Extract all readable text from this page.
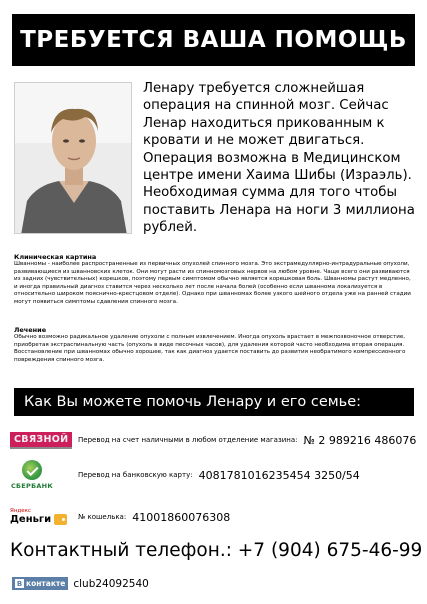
ТРЕБУЕТСЯ ВАША ПОМОЩЬ
Ленару требуется сложнейшая операция на спинной мозг. Сейчас Ленар находиться прикованным к кровати и не может двигаться. Операция возможна в Медицинском центре имени Хаима Шибы (Израэль). Необходимая сумма для того чтобы поставить Ленара на ноги 3 миллиона рублей.
Клиническая картина
Шванномы - наиболее распространенные из первичных опухолей спинного мозга. Это экстрамедуллярно-интрадуральные опухоли, развивающиеся из шванновских клеток. Они могут расти из спинномозговых нервов на любом уровне. Чаще всего они развиваются из задних (чувствительных) корешков, поэтому первым симптомом обычно является корешковая боль. Шванномы растут медленно, и иногда правильный диагноз ставится через несколько лет после начала болей (особенно если шваннома локализуется в относительно широком пояснично-крестцовом отделе). Однако при шванномах более узкого шейного отдела уже на ранней стадии могут появиться симптомы сдавления спинного мозга.
Лечение
Обычно возможно радикальное удаление опухоли с полным извлечением. Иногда опухоль врастает в межпозвоночное отверстие, приобретая экстраспинальную часть (опухоль в виде песочных часов), для удаления которой часто необходима вторая операция. Восстановление при шванномах обычно хорошее, так как диагноз удается поставить до развития необратимого компрессионного повреждения спинного мозга.
Как Вы можете помочь Ленару и его семье:
СВЯЗНОЙ	Перевод на счет наличными в любом отделение магазина: № 2 989216 486076
СБЕРБАНК
Перевод на банковскую карту: 4081781016235454 3250/54
Яндекс
Деньги	№ кошелька: 41001860076308
Контактный телефон.: +7 (904) 675-46-99
B контакте club24092540
